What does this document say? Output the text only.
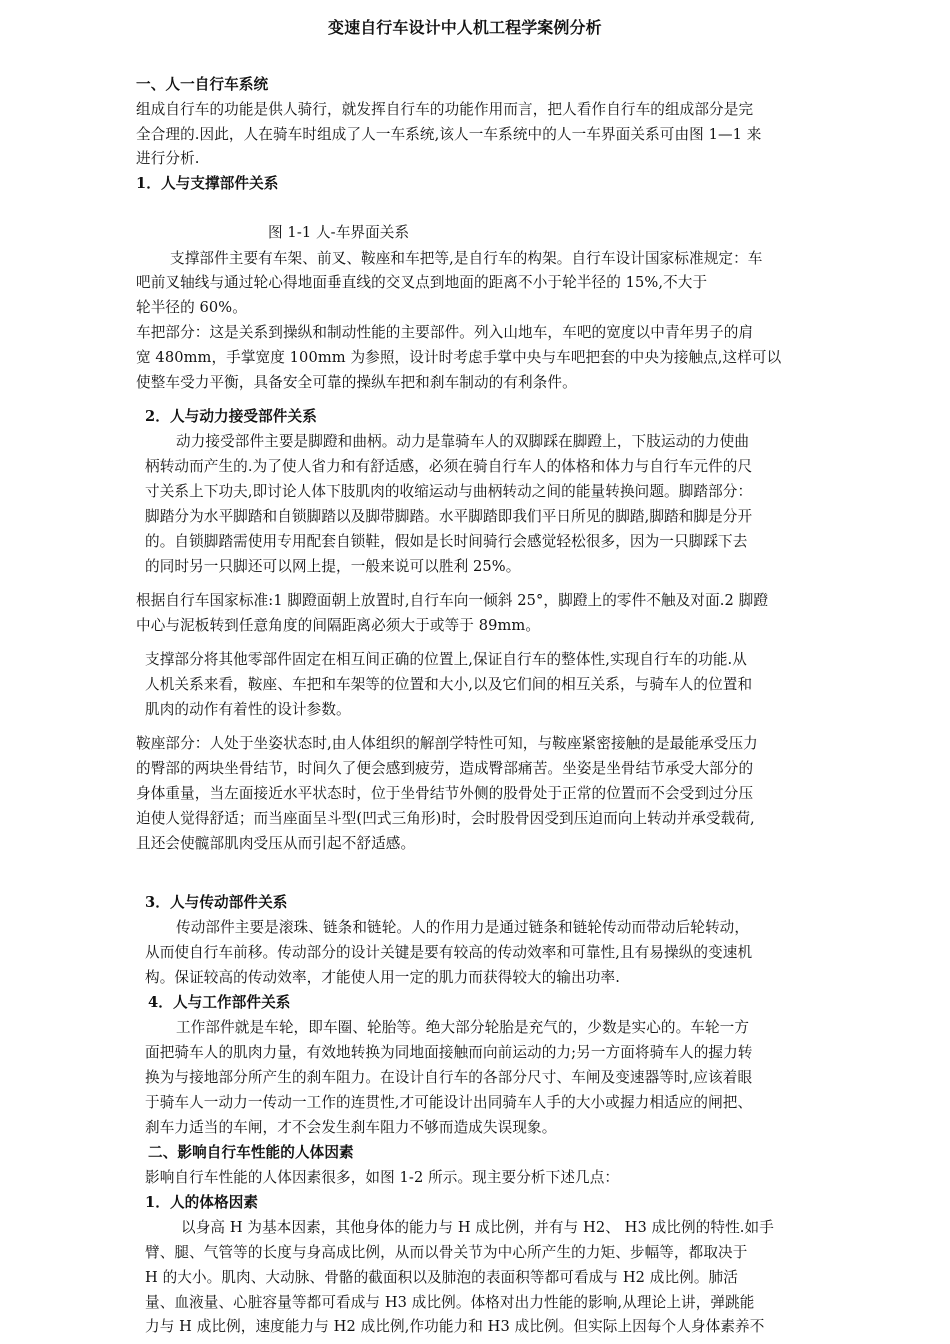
变速自行车设计中人机工程学案例分析
一、人一自行车系统
组成自行车的功能是供人骑行，就发挥自行车的功能作用而言，把人看作自行车的组成部分是完
全合理的.因此，人在骑车时组成了人一车系统,该人一车系统中的人一车界面关系可由图 1—1 来
进行分析.
1．人与支撑部件关系
图 1-1 人-车界面关系
支撑部件主要有车架、前叉、鞍座和车把等,是自行车的构架。自行车设计国家标准规定：车
吧前叉轴线与通过轮心得地面垂直线的交叉点到地面的距离不小于轮半径的 15%,不大于
轮半径的 60%。
车把部分：这是关系到操纵和制动性能的主要部件。列入山地车，车吧的宽度以中青年男子的肩
宽 480mm，手掌宽度 100mm 为参照，设计时考虑手掌中央与车吧把套的中央为接触点,这样可以
使整车受力平衡，具备安全可靠的操纵车把和刹车制动的有利条件。
2．人与动力接受部件关系
动力接受部件主要是脚蹬和曲柄。动力是靠骑车人的双脚踩在脚蹬上，下肢运动的力使曲
柄转动而产生的.为了使人省力和有舒适感，必须在骑自行车人的体格和体力与自行车元件的尺
寸关系上下功夫,即讨论人体下肢肌肉的收缩运动与曲柄转动之间的能量转换问题。脚踏部分：
脚踏分为水平脚踏和自锁脚踏以及脚带脚踏。水平脚踏即我们平日所见的脚踏,脚踏和脚是分开
的。自锁脚踏需使用专用配套自锁鞋，假如是长时间骑行会感觉轻松很多，因为一只脚踩下去
的同时另一只脚还可以网上提，一般来说可以胜利 25%。
根据自行车国家标准:1 脚蹬面朝上放置时,自行车向一倾斜 25°，脚蹬上的零件不触及对面.2 脚蹬
中心与泥板转到任意角度的间隔距离必须大于或等于 89mm。
支撑部分将其他零部件固定在相互间正确的位置上,保证自行车的整体性,实现自行车的功能.从
人机关系来看，鞍座、车把和车架等的位置和大小,以及它们间的相互关系，与骑车人的位置和
肌肉的动作有着性的设计参数。
鞍座部分：人处于坐姿状态时,由人体组织的解剖学特性可知，与鞍座紧密接触的是最能承受压力
的臀部的两块坐骨结节，时间久了便会感到疲劳，造成臀部痛苦。坐姿是坐骨结节承受大部分的
身体重量，当左面接近水平状态时，位于坐骨结节外侧的股骨处于正常的位置而不会受到过分压
迫使人觉得舒适；而当座面呈斗型(凹式三角形)时，会时股骨因受到压迫而向上转动并承受载荷,
且还会使髋部肌肉受压从而引起不舒适感。
3．人与传动部件关系
传动部件主要是滚珠、链条和链轮。人的作用力是通过链条和链轮传动而带动后轮转动，
从而使自行车前移。传动部分的设计关键是要有较高的传动效率和可靠性,且有易操纵的变速机
构。保证较高的传动效率，才能使人用一定的肌力而获得较大的输出功率.
4．人与工作部件关系
工作部件就是车轮，即车圈、轮胎等。绝大部分轮胎是充气的，少数是实心的。车轮一方
面把骑车人的肌肉力量，有效地转换为同地面接触而向前运动的力;另一方面将骑车人的握力转
换为与接地部分所产生的刹车阻力。在设计自行车的各部分尺寸、车闸及变速器等时,应该着眼
于骑车人一动力一传动一工作的连贯性,才可能设计出同骑车人手的大小或握力相适应的闸把、
刹车力适当的车闸，才不会发生刹车阻力不够而造成失误现象。
二、影响自行车性能的人体因素
影响自行车性能的人体因素很多，如图 1-2 所示。现主要分析下述几点：
1．人的体格因素
以身高 H 为基本因素，其他身体的能力与 H 成比例，并有与 H2、 H3 成比例的特性.如手
臂、腿、气管等的长度与身高成比例，从而以骨关节为中心所产生的力矩、步幅等，都取决于
H 的大小。肌肉、大动脉、骨骼的截面积以及肺泡的表面积等都可看成与 H2 成比例。肺活
量、血液量、心脏容量等都可看成与 H3 成比例。体格对出力性能的影响,从理论上讲，弹跳能
力与 H 成比例，速度能力与 H2 成比例,作功能力和 H3 成比例。但实际上因每个人身体素养不
